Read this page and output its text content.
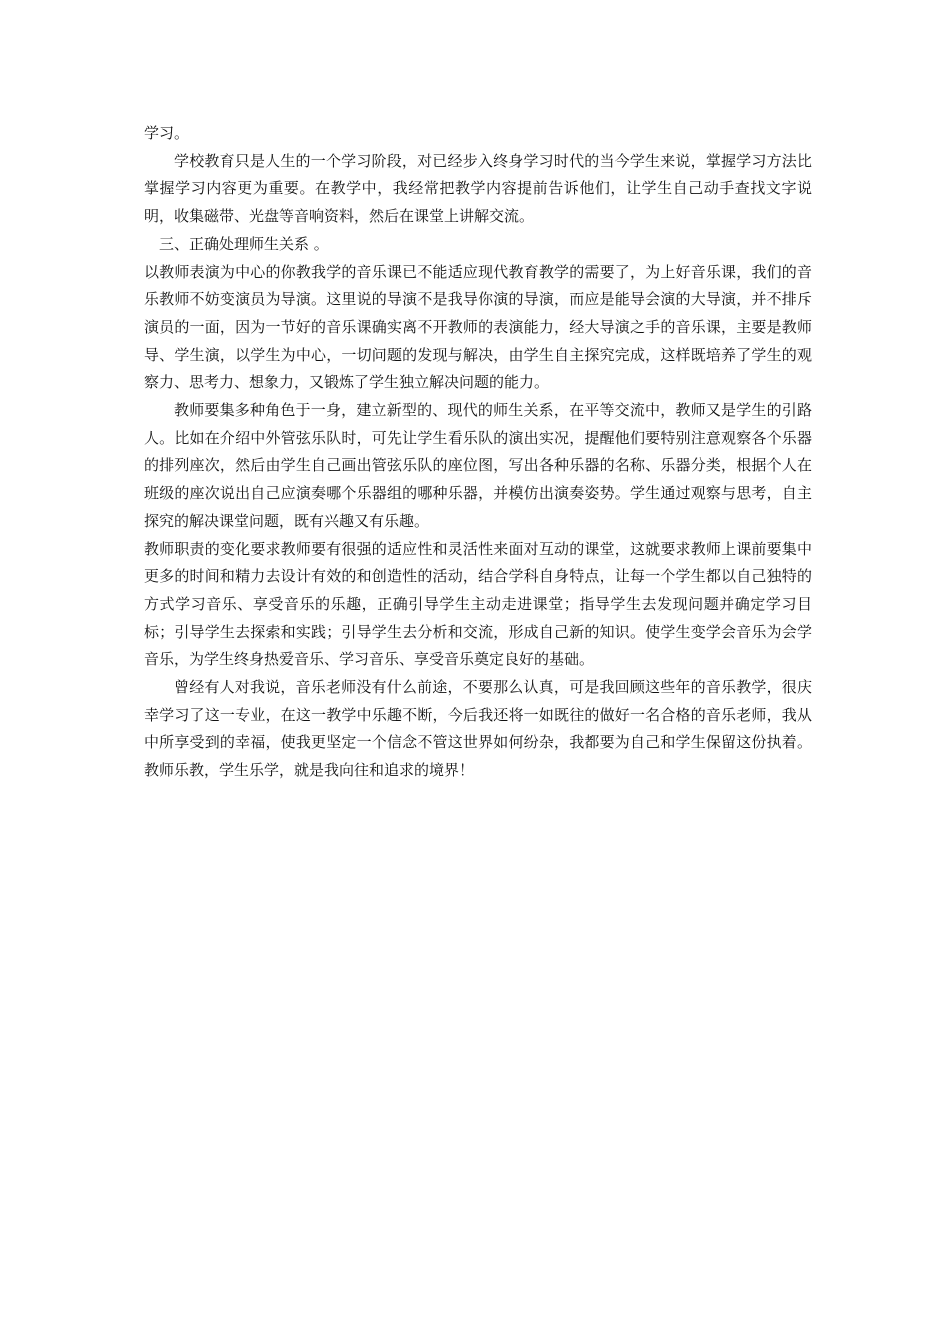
学习。

学校教育只是人生的一个学习阶段，对已经步入终身学习时代的当今学生来说，掌握学习方法比掌握学习内容更为重要。在教学中，我经常把教学内容提前告诉他们，让学生自己动手查找文字说明，收集磁带、光盘等音响资料，然后在课堂上讲解交流。

三、正确处理师生关系 。

以教师表演为中心的你教我学的音乐课已不能适应现代教育教学的需要了，为上好音乐课，我们的音乐教师不妨变演员为导演。这里说的导演不是我导你演的导演，而应是能导会演的大导演，并不排斥演员的一面，因为一节好的音乐课确实离不开教师的表演能力，经大导演之手的音乐课，主要是教师导、学生演，以学生为中心，一切问题的发现与解决，由学生自主探究完成，这样既培养了学生的观察力、思考力、想象力，又锻炼了学生独立解决问题的能力。

教师要集多种角色于一身，建立新型的、现代的师生关系，在平等交流中，教师又是学生的引路人。比如在介绍中外管弦乐队时，可先让学生看乐队的演出实况，提醒他们要特别注意观察各个乐器的排列座次，然后由学生自己画出管弦乐队的座位图，写出各种乐器的名称、乐器分类，根据个人在班级的座次说出自己应演奏哪个乐器组的哪种乐器，并模仿出演奏姿势。学生通过观察与思考，自主探究的解决课堂问题，既有兴趣又有乐趣。

教师职责的变化要求教师要有很强的适应性和灵活性来面对互动的课堂，这就要求教师上课前要集中更多的时间和精力去设计有效的和创造性的活动，结合学科自身特点，让每一个学生都以自己独特的方式学习音乐、享受音乐的乐趣，正确引导学生主动走进课堂；指导学生去发现问题并确定学习目标；引导学生去探索和实践；引导学生去分析和交流，形成自己新的知识。使学生变学会音乐为会学音乐，为学生终身热爱音乐、学习音乐、享受音乐奠定良好的基础。

曾经有人对我说，音乐老师没有什么前途，不要那么认真，可是我回顾这些年的音乐教学，很庆幸学习了这一专业，在这一教学中乐趣不断，今后我还将一如既往的做好一名合格的音乐老师，我从中所享受到的幸福，使我更坚定一个信念不管这世界如何纷杂，我都要为自己和学生保留这份执着。教师乐教，学生乐学，就是我向往和追求的境界！
